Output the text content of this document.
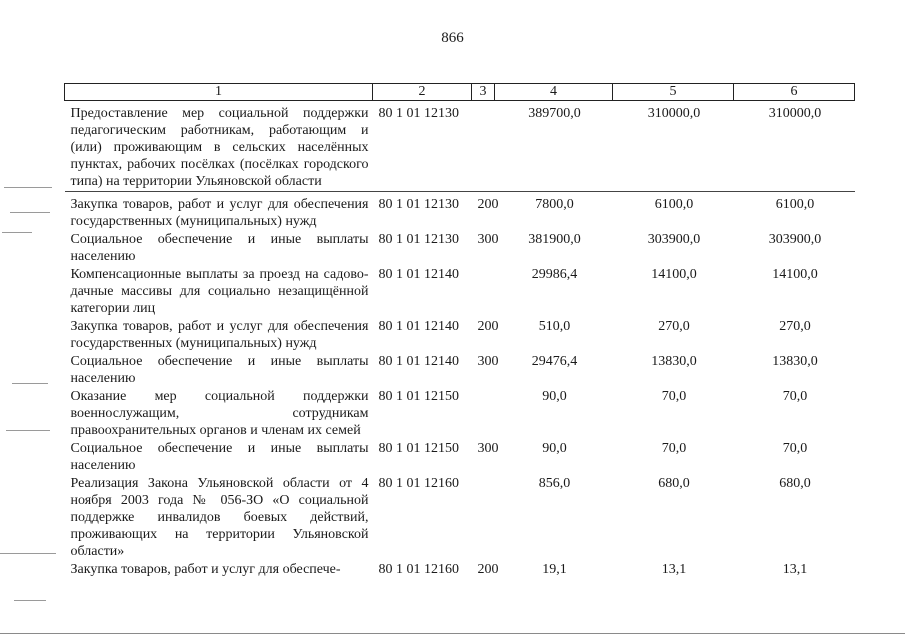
866
1	2	3	4	5	6
Предоставление мер социальной поддержки педагогическим работникам, работающим и (или) проживающим в сельских населённых пунктах, рабочих посёлках (посёлках городского типа) на территории Ульяновской области	80 1 01 12130		389700,0	310000,0	310000,0
Закупка товаров, работ и услуг для обеспечения государственных (муниципальных) нужд	80 1 01 12130	200	7800,0	6100,0	6100,0
Социальное обеспечение и иные выплаты населению	80 1 01 12130	300	381900,0	303900,0	303900,0
Компенсационные выплаты за проезд на садово-дачные массивы для социально незащищённой категории лиц	80 1 01 12140		29986,4	14100,0	14100,0
Закупка товаров, работ и услуг для обеспечения государственных (муниципальных) нужд	80 1 01 12140	200	510,0	270,0	270,0
Социальное обеспечение и иные выплаты населению	80 1 01 12140	300	29476,4	13830,0	13830,0
Оказание мер социальной поддержки военнослужащим, сотрудникам правоохранительных органов и членам их семей	80 1 01 12150		90,0	70,0	70,0
Социальное обеспечение и иные выплаты населению	80 1 01 12150	300	90,0	70,0	70,0
Реализация Закона Ульяновской области от 4 ноября 2003 года № 056-ЗО «О социальной поддержке инвалидов боевых действий, проживающих на территории Ульяновской области»	80 1 01 12160		856,0	680,0	680,0
Закупка товаров, работ и услуг для обеспече-	80 1 01 12160	200	19,1	13,1	13,1
